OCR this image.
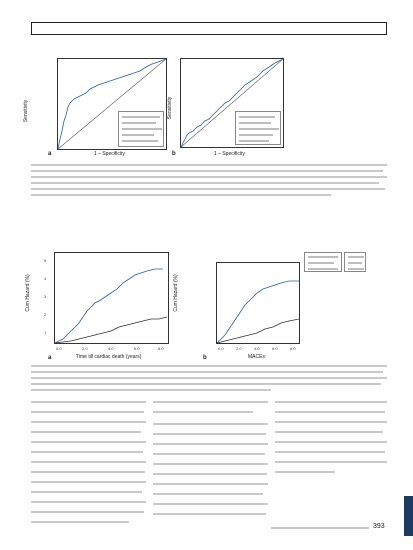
Sensitivity
a	1 – Specificity
Sensitivity
b	1 – Specificity
Cum Hazard (%)
5
4
3
2
1
0.0	2.0	4.0	6.0	8.0
a	Time till cardiac death (years)
Cum Hazard (%)
0.0	2.0	4.0	6.0	8.0
b	MACEs
393
